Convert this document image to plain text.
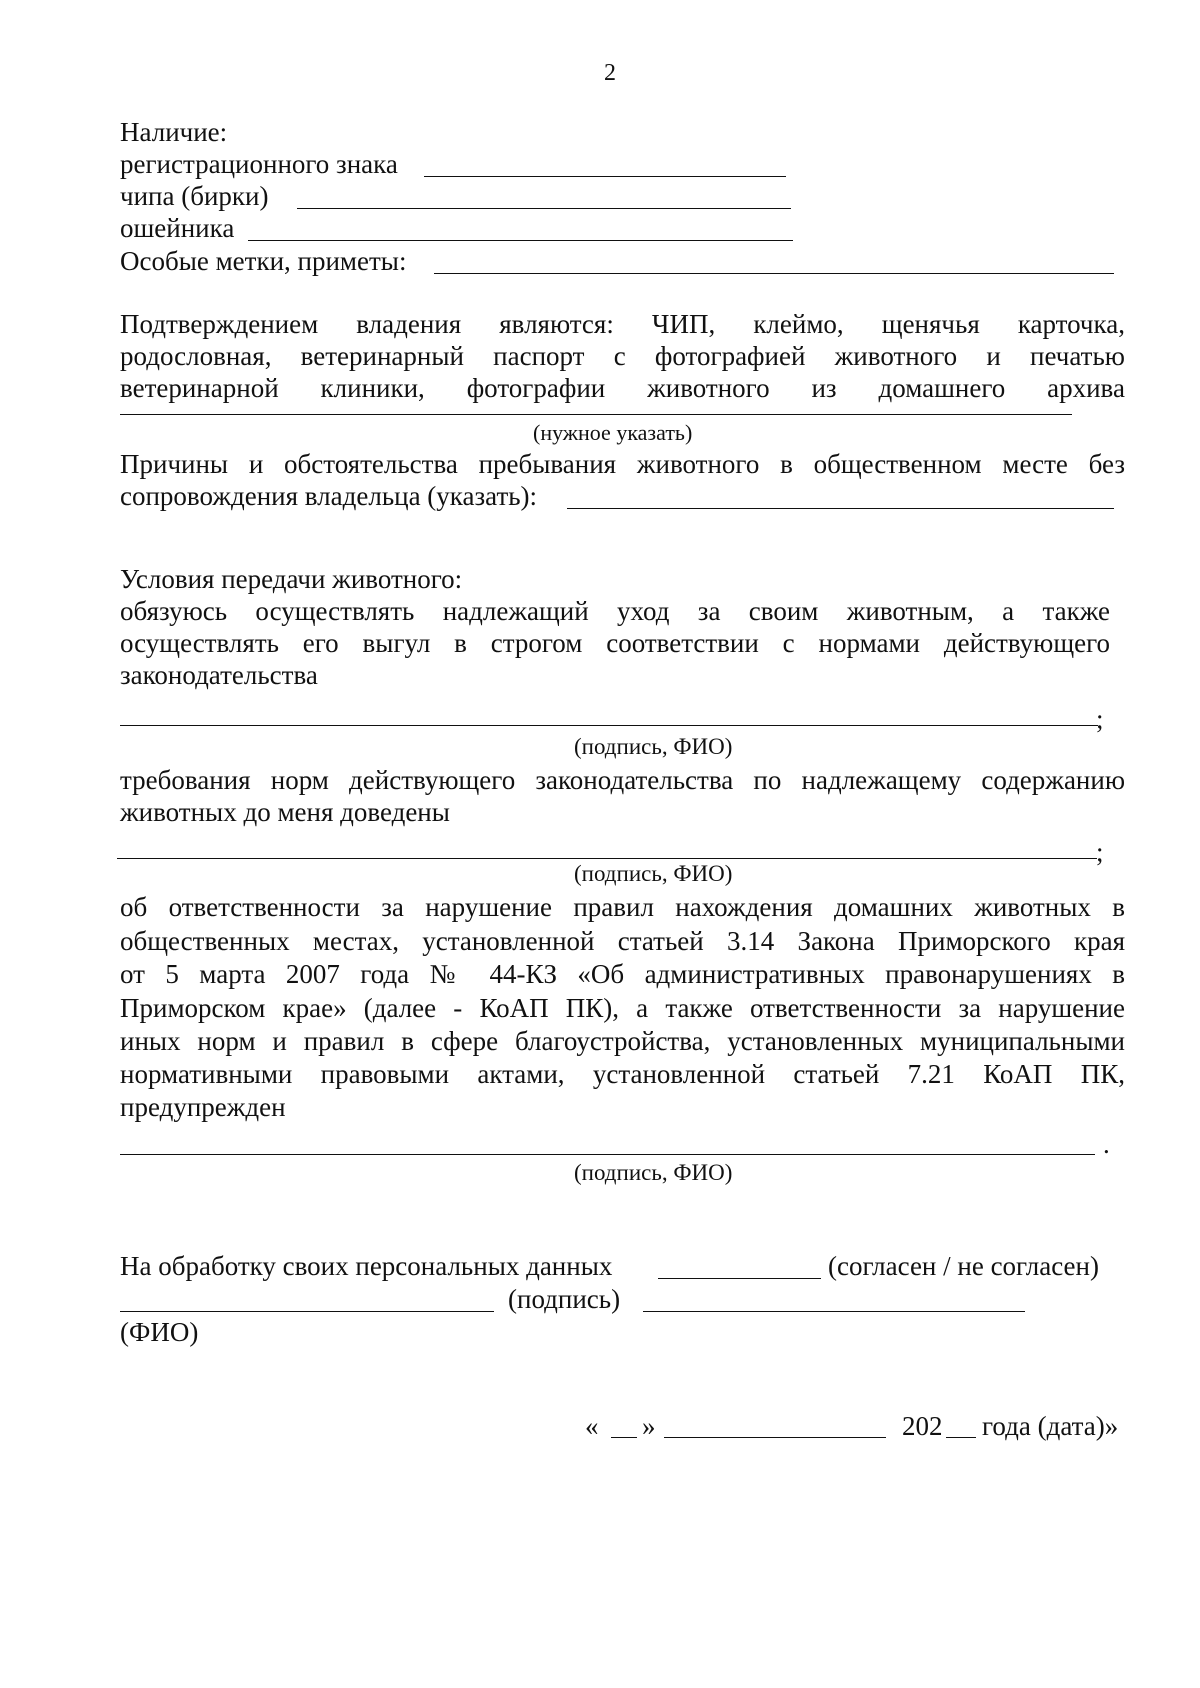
2
Наличие:
регистрационного знака
чипа (бирки)
ошейника
Особые метки, приметы:
Подтверждением владения являются: ЧИП, клеймо, щенячья карточка,
родословная, ветеринарный паспорт с фотографией животного и печатью
ветеринарной клиники, фотографии животного из домашнего архива
(нужное указать)
Причины и обстоятельства пребывания животного в общественном месте без
сопровождения владельца (указать):
Условия передачи животного:
обязуюсь осуществлять надлежащий уход за своим животным, а также
осуществлять его выгул в строгом соответствии с нормами действующего
законодательства
;
(подпись, ФИО)
требования норм действующего законодательства по надлежащему содержанию
животных до меня доведены
;
(подпись, ФИО)
об ответственности за нарушение правил нахождения домашних животных в
общественных местах, установленной статьей 3.14 Закона Приморского края
от 5 марта 2007 года № 44-КЗ «Об административных правонарушениях в
Приморском крае» (далее - КоАП ПК), а также ответственности за нарушение
иных норм и правил в сфере благоустройства, установленных муниципальными
нормативными правовыми актами, установленной статьей 7.21 КоАП ПК,
предупрежден
.
(подпись, ФИО)
На обработку своих персональных данных	(согласен / не согласен)
(подпись)
(ФИО)
« »	202 года (дата)»
